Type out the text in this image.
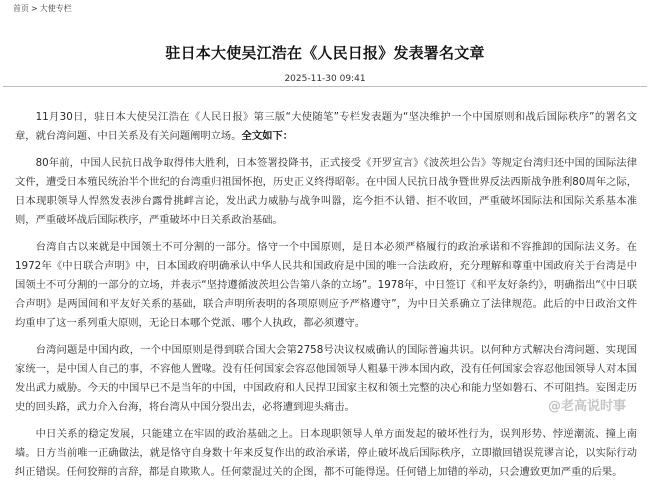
首页 > 大使专栏
驻日本大使吴江浩在《人民日报》发表署名文章
2025-11-30 09:41

11月30日，驻日本大使吴江浩在《人民日报》第三版“大使随笔”专栏发表题为“坚决维护一个中国原则和战后国际秩序”的署名文章，就台湾问题、中日关系及有关问题阐明立场。全文如下：

80年前，中国人民抗日战争取得伟大胜利，日本签署投降书，正式接受《开罗宣言》《波茨坦公告》等规定台湾归还中国的国际法律文件，遭受日本殖民统治半个世纪的台湾重归祖国怀抱，历史正义终得昭彰。在中国人民抗日战争暨世界反法西斯战争胜利80周年之际，日本现职领导人悍然发表涉台露骨挑衅言论，发出武力威胁与战争叫嚣，迄今拒不认错、拒不收回，严重破坏国际法和国际关系基本准则，严重破坏战后国际秩序，严重破坏中日关系政治基础。

台湾自古以来就是中国领土不可分割的一部分。恪守一个中国原则，是日本必须严格履行的政治承诺和不容推卸的国际法义务。在1972年《中日联合声明》中，日本国政府明确承认中华人民共和国政府是中国的唯一合法政府，充分理解和尊重中国政府关于台湾是中国领土不可分割的一部分的立场，并表示“坚持遵循波茨坦公告第八条的立场”。1978年，中日签订《和平友好条约》，明确指出“《中日联合声明》是两国间和平友好关系的基础，联合声明所表明的各项原则应予严格遵守”，为中日关系确立了法律规范。此后的中日政治文件均重申了这一系列重大原则，无论日本哪个党派、哪个人执政，都必须遵守。

台湾问题是中国内政，一个中国原则是得到联合国大会第2758号决议权威确认的国际普遍共识。以何种方式解决台湾问题、实现国家统一，是中国人自己的事，不容他人置喙。没有任何国家会容忍他国领导人粗暴干涉本国内政，没有任何国家会容忍他国领导人对本国发出武力威胁。今天的中国早已不是当年的中国，中国政府和人民捍卫国家主权和领土完整的决心和能力坚如磐石、不可阻挡。妄图走历史的回头路，武力介入台海，将台湾从中国分裂出去，必将遭到迎头痛击。

中日关系的稳定发展，只能建立在牢固的政治基础之上。日本现职领导人单方面发起的破坏性行为，误判形势、悖逆潮流、撞上南墙。日方当前唯一正确做法，就是恪守自身数十年来反复作出的政治承诺，停止破坏战后国际秩序，立即撤回错误荒谬言论，以实际行动纠正错误。任何狡辩的言辞，都是自欺欺人。任何蒙混过关的企图，都不可能得逞。任何错上加错的举动，只会遭致更加严重的后果。

@老高说时事
